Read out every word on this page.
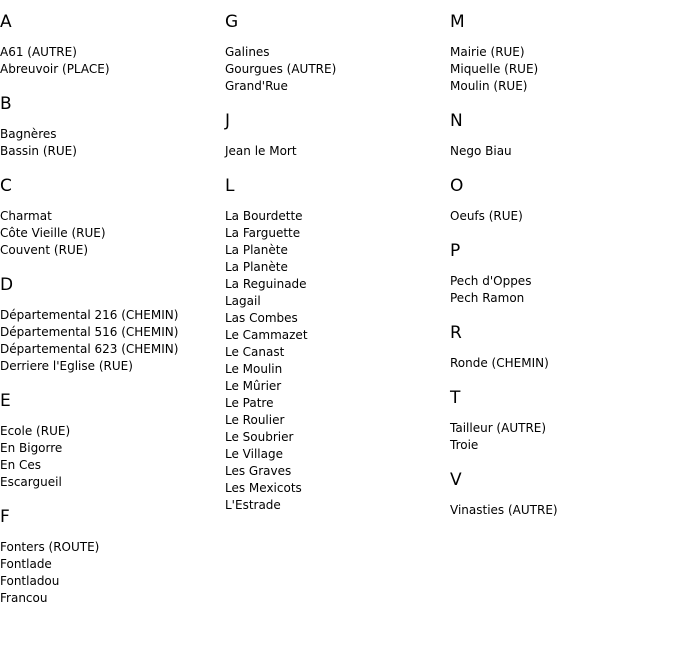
A
A61 (AUTRE)
Abreuvoir (PLACE)
B
Bagnères
Bassin (RUE)
C
Charmat
Côte Vieille (RUE)
Couvent (RUE)
D
Départemental 216 (CHEMIN)
Départemental 516 (CHEMIN)
Départemental 623 (CHEMIN)
Derriere l'Eglise (RUE)
E
Ecole (RUE)
En Bigorre
En Ces
Escargueil
F
Fonters (ROUTE)
Fontlade
Fontladou
Francou
G
Galines
Gourgues (AUTRE)
Grand'Rue
J
Jean le Mort
L
La Bourdette
La Farguette
La Planète
La Planète
La Reguinade
Lagail
Las Combes
Le Cammazet
Le Canast
Le Moulin
Le Mûrier
Le Patre
Le Roulier
Le Soubrier
Le Village
Les Graves
Les Mexicots
L'Estrade
M
Mairie (RUE)
Miquelle (RUE)
Moulin (RUE)
N
Nego Biau
O
Oeufs (RUE)
P
Pech d'Oppes
Pech Ramon
R
Ronde (CHEMIN)
T
Tailleur (AUTRE)
Troie
V
Vinasties (AUTRE)
